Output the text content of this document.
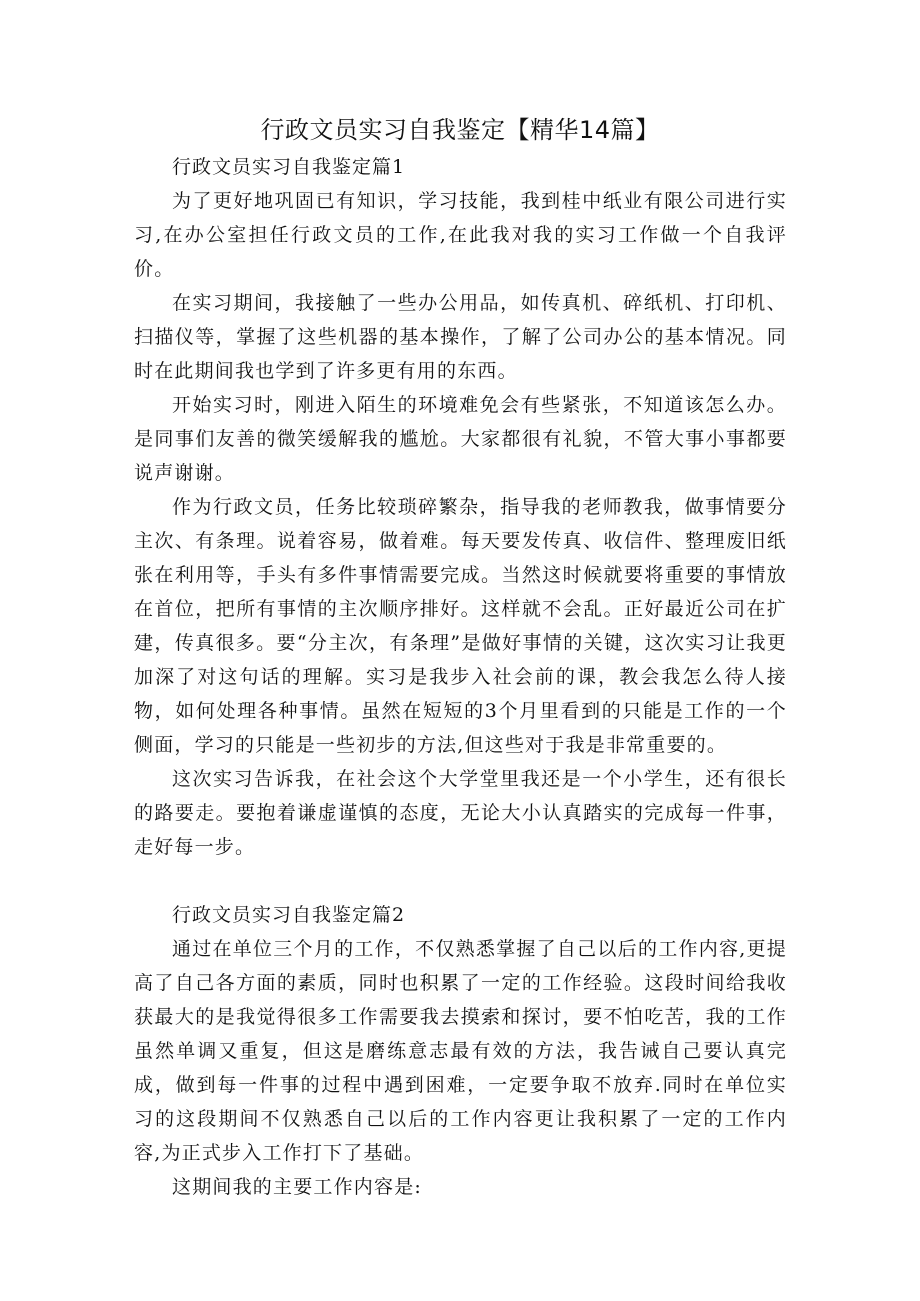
行政文员实习自我鉴定【精华14篇】

行政文员实习自我鉴定篇1

为了更好地巩固已有知识，学习技能，我到桂中纸业有限公司进行实习,在办公室担任行政文员的工作,在此我对我的实习工作做一个自我评价。

在实习期间，我接触了一些办公用品，如传真机、碎纸机、打印机、扫描仪等，掌握了这些机器的基本操作，了解了公司办公的基本情况。同时在此期间我也学到了许多更有用的东西。

开始实习时，刚进入陌生的环境难免会有些紧张，不知道该怎么办。是同事们友善的微笑缓解我的尴尬。大家都很有礼貌，不管大事小事都要说声谢谢。

作为行政文员，任务比较琐碎繁杂，指导我的老师教我，做事情要分主次、有条理。说着容易，做着难。每天要发传真、收信件、整理废旧纸张在利用等，手头有多件事情需要完成。当然这时候就要将重要的事情放在首位，把所有事情的主次顺序排好。这样就不会乱。正好最近公司在扩建，传真很多。要“分主次，有条理”是做好事情的关键，这次实习让我更加深了对这句话的理解。实习是我步入社会前的课，教会我怎么待人接物，如何处理各种事情。虽然在短短的3个月里看到的只能是工作的一个侧面，学习的只能是一些初步的方法,但这些对于我是非常重要的。

这次实习告诉我，在社会这个大学堂里我还是一个小学生，还有很长的路要走。要抱着谦虚谨慎的态度，无论大小认真踏实的完成每一件事，走好每一步。

行政文员实习自我鉴定篇2

通过在单位三个月的工作，不仅熟悉掌握了自己以后的工作内容,更提高了自己各方面的素质，同时也积累了一定的工作经验。这段时间给我收获最大的是我觉得很多工作需要我去摸索和探讨，要不怕吃苦，我的工作虽然单调又重复，但这是磨练意志最有效的方法，我告诫自己要认真完成，做到每一件事的过程中遇到困难，一定要争取不放弃.同时在单位实习的这段期间不仅熟悉自己以后的工作内容更让我积累了一定的工作内容,为正式步入工作打下了基础。

这期间我的主要工作内容是:
